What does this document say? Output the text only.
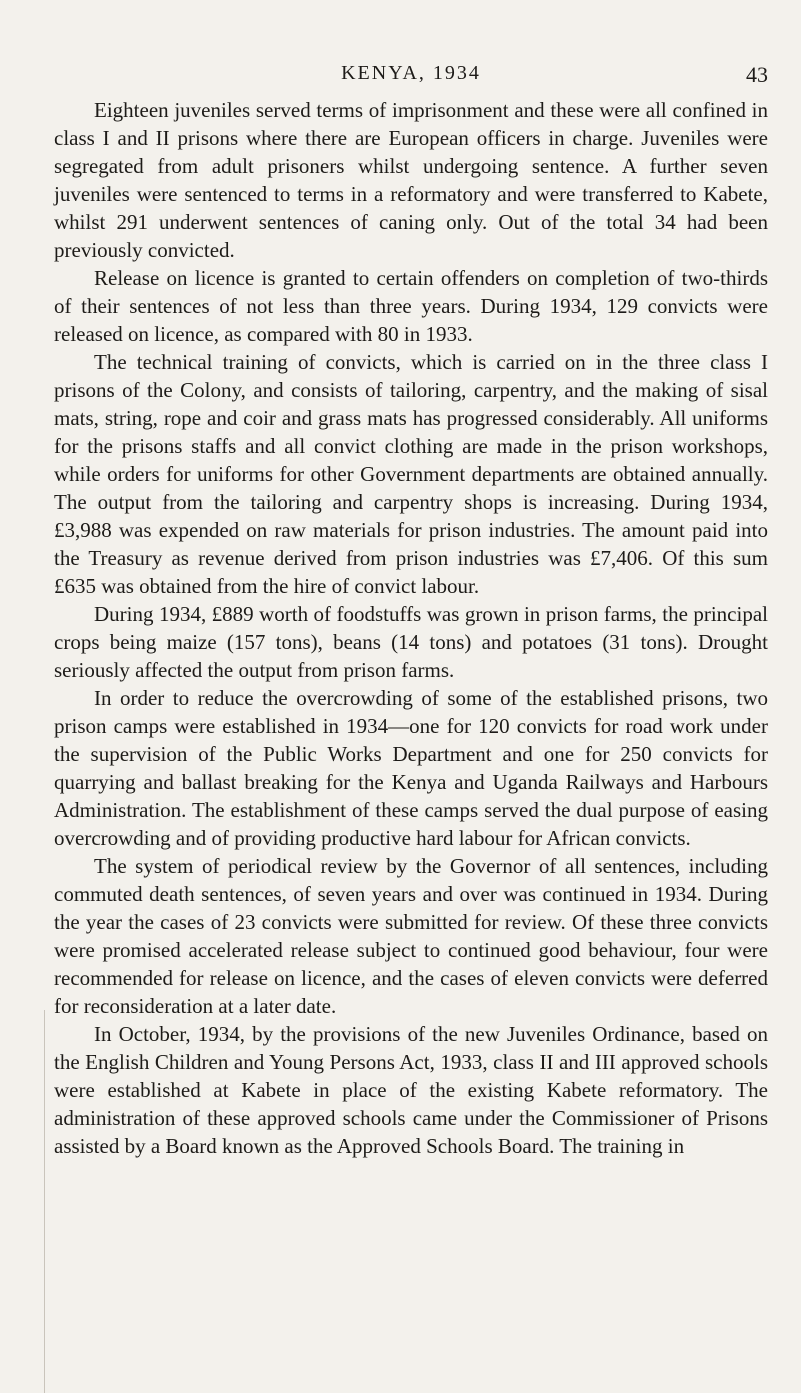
KENYA, 1934	43

Eighteen juveniles served terms of imprisonment and these were all confined in class I and II prisons where there are European officers in charge. Juveniles were segregated from adult prisoners whilst undergoing sentence. A further seven juveniles were sentenced to terms in a reformatory and were transferred to Kabete, whilst 291 underwent sentences of caning only. Out of the total 34 had been previously convicted.

Release on licence is granted to certain offenders on completion of two-thirds of their sentences of not less than three years. During 1934, 129 convicts were released on licence, as compared with 80 in 1933.

The technical training of convicts, which is carried on in the three class I prisons of the Colony, and consists of tailoring, carpentry, and the making of sisal mats, string, rope and coir and grass mats has progressed considerably. All uniforms for the prisons staffs and all convict clothing are made in the prison workshops, while orders for uniforms for other Government departments are obtained annually. The output from the tailoring and carpentry shops is increasing. During 1934, £3,988 was expended on raw materials for prison industries. The amount paid into the Treasury as revenue derived from prison industries was £7,406. Of this sum £635 was obtained from the hire of convict labour.

During 1934, £889 worth of foodstuffs was grown in prison farms, the principal crops being maize (157 tons), beans (14 tons) and potatoes (31 tons). Drought seriously affected the output from prison farms.

In order to reduce the overcrowding of some of the established prisons, two prison camps were established in 1934—one for 120 convicts for road work under the supervision of the Public Works Department and one for 250 convicts for quarrying and ballast breaking for the Kenya and Uganda Railways and Harbours Administration. The establishment of these camps served the dual purpose of easing overcrowding and of providing productive hard labour for African convicts.

The system of periodical review by the Governor of all sentences, including commuted death sentences, of seven years and over was continued in 1934. During the year the cases of 23 convicts were submitted for review. Of these three convicts were promised accelerated release subject to continued good behaviour, four were recommended for release on licence, and the cases of eleven convicts were deferred for reconsideration at a later date.

In October, 1934, by the provisions of the new Juveniles Ordinance, based on the English Children and Young Persons Act, 1933, class II and III approved schools were established at Kabete in place of the existing Kabete reformatory. The administration of these approved schools came under the Commissioner of Prisons assisted by a Board known as the Approved Schools Board. The training in
